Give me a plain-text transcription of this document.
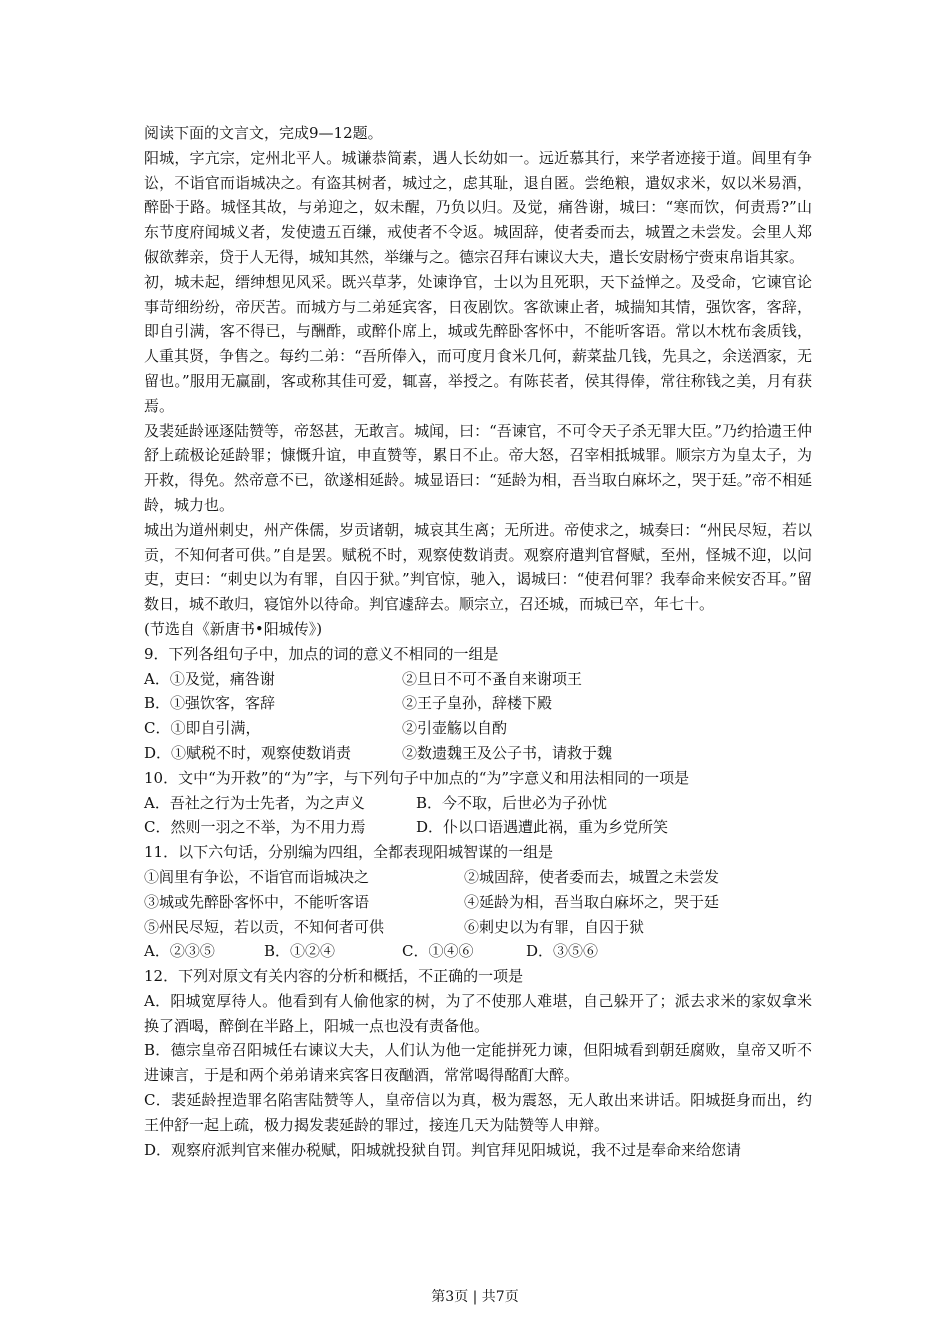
阅读下面的文言文，完成9—12题。
阳城，字亢宗，定州北平人。城谦恭简素，遇人长幼如一。远近慕其行，来学者迹接于道。闾里有争讼，不诣官而诣城决之。有盗其树者，城过之，虑其耻，退自匿。尝绝粮，遣奴求米，奴以米易酒，醉卧于路。城怪其故，与弟迎之，奴未醒，乃负以归。及觉，痛咎谢，城曰：“寒而饮，何责焉?”山东节度府闻城义者，发使遗五百缣，戒使者不令返。城固辞，使者委而去，城置之未尝发。会里人郑俶欲葬亲，贷于人无得，城知其然，举缣与之。德宗召拜右谏议大夫，遣长安尉杨宁赍束帛诣其家。
初，城未起，缙绅想见风采。既兴草茅，处谏诤官，士以为且死职，天下益惮之。及受命，它谏官论事苛细纷纷，帝厌苦。而城方与二弟延宾客，日夜剧饮。客欲谏止者，城揣知其情，强饮客，客辞，即自引满，客不得已，与酬酢，或醉仆席上，城或先醉卧客怀中，不能听客语。常以木枕布衾质钱，人重其贤，争售之。每约二弟：“吾所俸入，而可度月食米几何，薪菜盐几钱，先具之，余送酒家，无留也。”服用无赢副，客或称其佳可爱，辄喜，举授之。有陈苌者，侯其得俸，常往称钱之美，月有获焉。
及裴延龄诬逐陆赞等，帝怒甚，无敢言。城闻，曰：“吾谏官，不可令天子杀无罪大臣。”乃约拾遗王仲舒上疏极论延龄罪；慷慨升谊，申直赞等，累日不止。帝大怒，召宰相抵城罪。顺宗方为皇太子，为开救，得免。然帝意不已，欲遂相延龄。城显语曰：“延龄为相，吾当取白麻坏之，哭于廷。”帝不相延龄，城力也。
城出为道州刺史，州产侏儒，岁贡诸朝，城哀其生离；无所进。帝使求之，城奏曰：“州民尽短，若以贡，不知何者可供。”自是罢。赋税不时，观察使数诮责。观察府遣判官督赋，至州，怪城不迎，以问吏，吏曰：“刺史以为有罪，自囚于狱。”判官惊，驰入，谒城曰：“使君何罪？我奉命来候安否耳。”留数日，城不敢归，寝馆外以待命。判官遽辞去。顺宗立，召还城，而城已卒，年七十。
(节选自《新唐书•阳城传》)
9．下列各组句子中，加点的词的意义不相同的一组是
A．①及觉，痛咎谢	②旦日不可不蚤自来谢项王
B．①强饮客，客辞	②王子皇孙，辞楼下殿
C．①即自引满，	②引壶觞以自酌
D．①赋税不时，观察使数诮责	②数遗魏王及公子书，请救于魏
10．文中“为开救”的“为”字，与下列句子中加点的“为”字意义和用法相同的一项是
A．吾社之行为士先者，为之声义	B．今不取，后世必为子孙忧
C．然则一羽之不举，为不用力焉	D．仆以口语遇遭此祸，重为乡党所笑
11．以下六句话，分别编为四组，全都表现阳城智谋的一组是
①闾里有争讼，不诣官而诣城决之	②城固辞，使者委而去，城置之未尝发
③城或先醉卧客怀中，不能听客语	④延龄为相，吾当取白麻坏之，哭于廷
⑤州民尽短，若以贡，不知何者可供	⑥刺史以为有罪，自囚于狱
A．②③⑤	B．①②④	C．①④⑥	D．③⑤⑥
12．下列对原文有关内容的分析和概括，不正确的一项是
A．阳城宽厚待人。他看到有人偷他家的树，为了不使那人难堪，自己躲开了；派去求米的家奴拿米换了酒喝，醉倒在半路上，阳城一点也没有责备他。
B．德宗皇帝召阳城任右谏议大夫，人们认为他一定能拼死力谏，但阳城看到朝廷腐败，皇帝又听不进谏言，于是和两个弟弟请来宾客日夜酗酒，常常喝得酩酊大醉。
C．裴延龄捏造罪名陷害陆赞等人，皇帝信以为真，极为震怒，无人敢出来讲话。阳城挺身而出，约王仲舒一起上疏，极力揭发裴延龄的罪过，接连几天为陆赞等人申辩。
D．观察府派判官来催办税赋，阳城就投狱自罚。判官拜见阳城说，我不过是奉命来给您请
第3页 | 共7页
